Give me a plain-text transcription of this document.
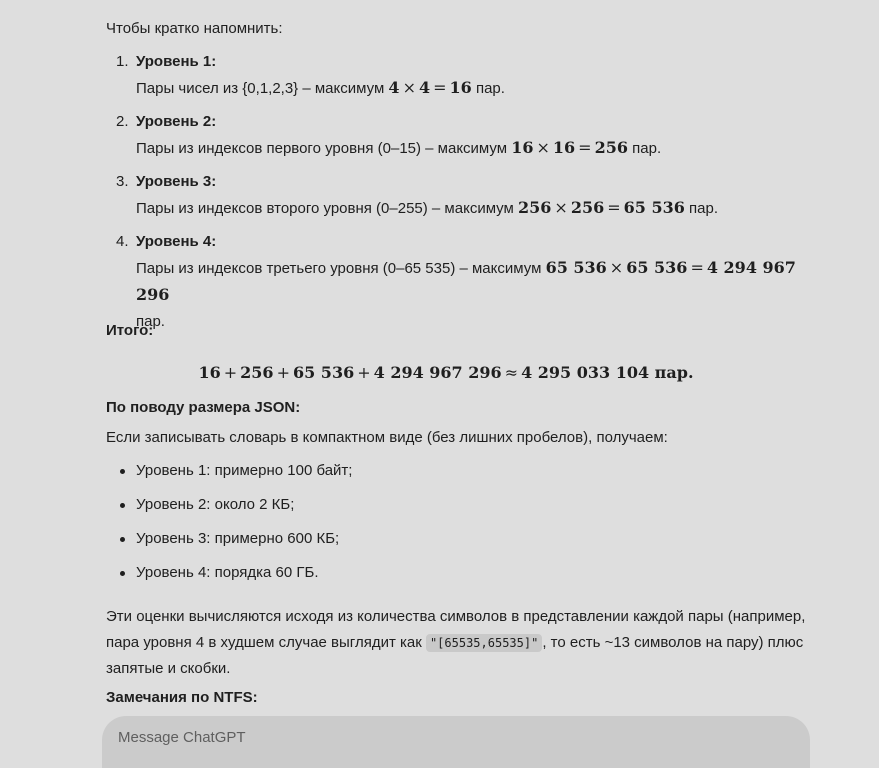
Чтобы кратко напомнить:

1. Уровень 1:
Пары чисел из {0,1,2,3} – максимум 4 × 4 = 16 пар.
2. Уровень 2:
Пары из индексов первого уровня (0–15) – максимум 16 × 16 = 256 пар.
3. Уровень 3:
Пары из индексов второго уровня (0–255) – максимум 256 × 256 = 65 536 пар.
4. Уровень 4:
Пары из индексов третьего уровня (0–65 535) – максимум 65 536 × 65 536 = 4 294 967 296
пар.
Итого:
16 + 256 + 65 536 + 4 294 967 296 ≈ 4 295 033 104 пар.
По поводу размера JSON:

Если записывать словарь в компактном виде (без лишних пробелов), получаем:

Уровень 1: примерно 100 байт;
Уровень 2: около 2 КБ;
Уровень 3: примерно 600 КБ;
Уровень 4: порядка 60 ГБ.

Эти оценки вычисляются исходя из количества символов в представлении каждой пары (например, пара уровня 4 в худшем случае выглядит как "[65535,65535]" , то есть ~13 символов на пару) плюс запятые и скобки.

Замечания по NTFS:
Message ChatGPT
